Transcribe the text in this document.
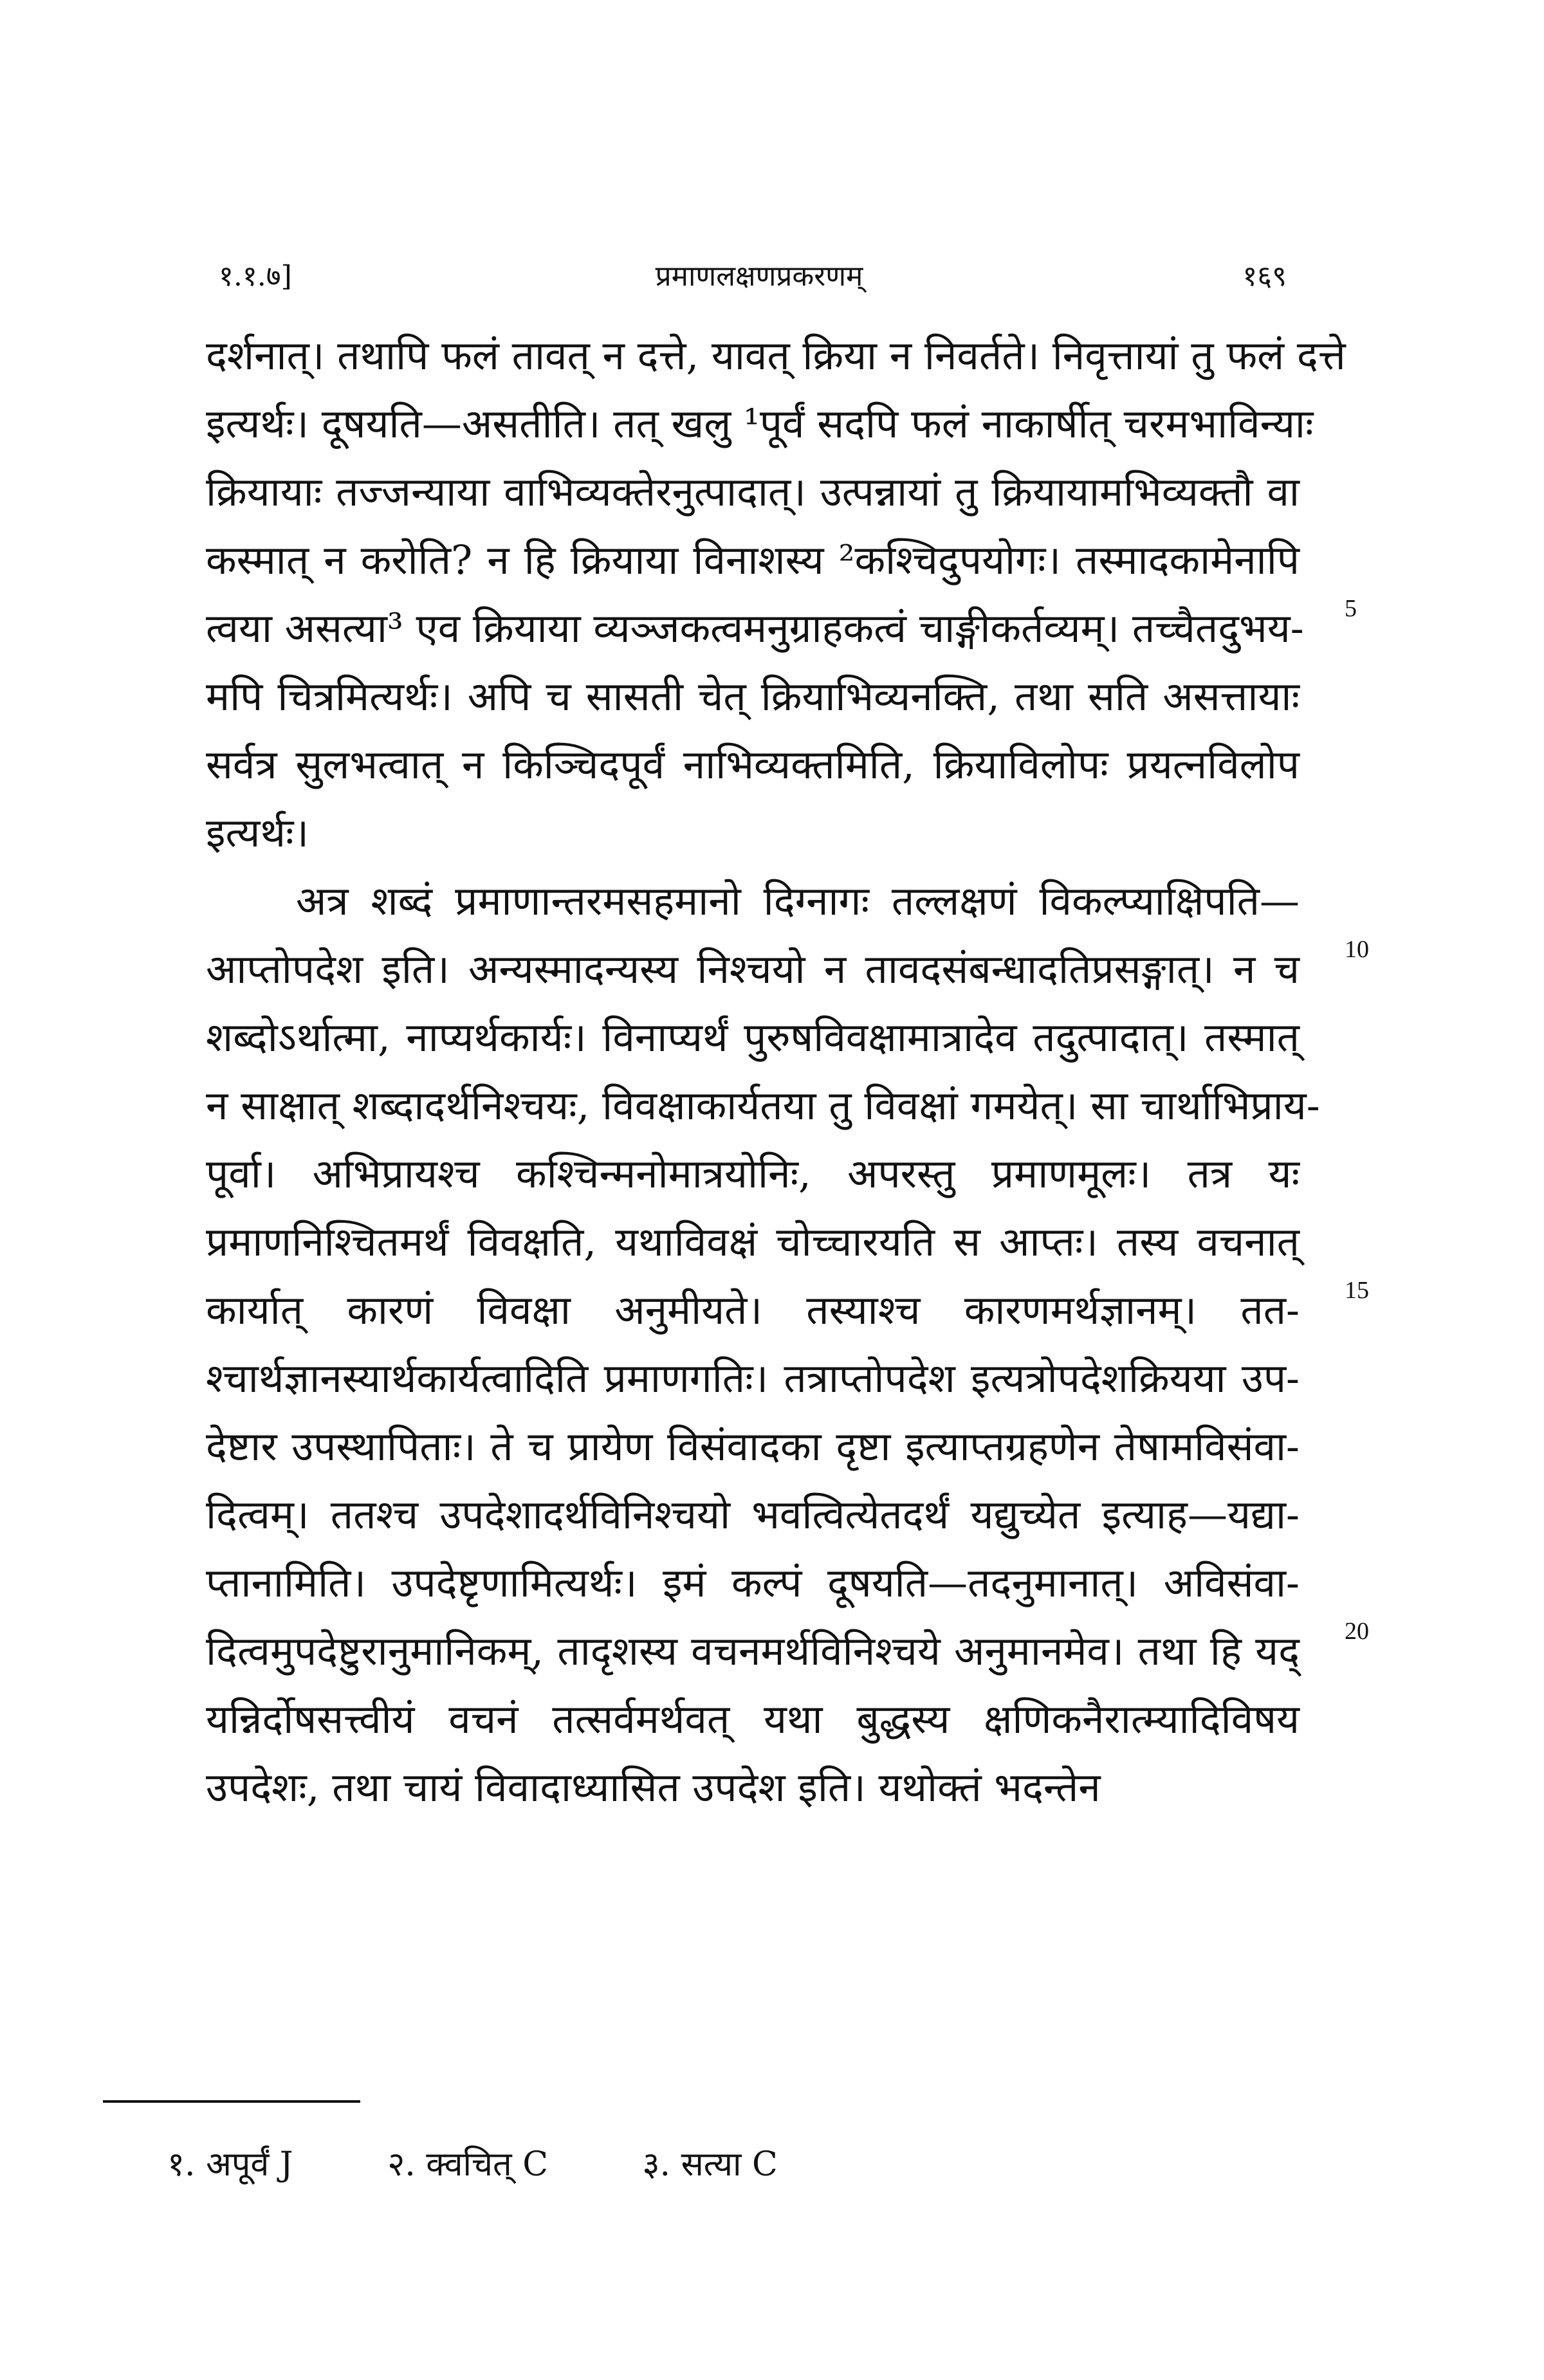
१.१.७]	प्रमाणलक्षणप्रकरणम्	१६९
दर्शनात्। तथापि फलं तावत् न दत्ते, यावत् क्रिया न निवर्तते। निवृत्तायां तु फलं दत्ते
इत्यर्थः। दूषयति—असतीति। तत् खलु ¹पूर्वं सदपि फलं नाकार्षीत् चरमभाविन्याः
क्रियायाः तज्जन्याया वाभिव्यक्तेरनुत्पादात्। उत्पन्नायां तु क्रियायामभिव्यक्तौ वा
कस्मात् न करोति? न हि क्रियाया विनाशस्य ²कश्चिदुपयोगः। तस्मादकामेनापि
त्वया असत्या³ एव क्रियाया व्यञ्जकत्वमनुग्राहकत्वं चाङ्गीकर्तव्यम्। तच्चैतदुभय-
मपि चित्रमित्यर्थः। अपि च सासती चेत् क्रियाभिव्यनक्ति, तथा सति असत्तायाः
सर्वत्र सुलभत्वात् न किञ्चिदपूर्वं नाभिव्यक्तमिति, क्रियाविलोपः प्रयत्नविलोप
इत्यर्थः।
अत्र शब्दं प्रमाणान्तरमसहमानो दिग्नागः तल्लक्षणं विकल्प्याक्षिपति—
आप्तोपदेश इति। अन्यस्मादन्यस्य निश्चयो न तावदसंबन्धादतिप्रसङ्गात्। न च
शब्दोऽर्थात्मा, नाप्यर्थकार्यः। विनाप्यर्थं पुरुषविवक्षामात्रादेव तदुत्पादात्। तस्मात्
न साक्षात् शब्दादर्थनिश्चयः, विवक्षाकार्यतया तु विवक्षां गमयेत्। सा चार्थाभिप्राय-
पूर्वा। अभिप्रायश्च कश्चिन्मनोमात्रयोनिः, अपरस्तु प्रमाणमूलः। तत्र यः
प्रमाणनिश्चितमर्थं विवक्षति, यथाविवक्षं चोच्चारयति स आप्तः। तस्य वचनात्
कार्यात् कारणं विवक्षा अनुमीयते। तस्याश्च कारणमर्थज्ञानम्। तत-
श्चार्थज्ञानस्यार्थकार्यत्वादिति प्रमाणगतिः। तत्राप्तोपदेश इत्यत्रोपदेशक्रियया उप-
देष्टार उपस्थापिताः। ते च प्रायेण विसंवादका दृष्टा इत्याप्तग्रहणेन तेषामविसंवा-
दित्वम्। ततश्च उपदेशादर्थविनिश्चयो भवत्वित्येतदर्थं यद्युच्येत इत्याह—यद्या-
प्तानामिति। उपदेष्टृणामित्यर्थः। इमं कल्पं दूषयति—तदनुमानात्। अविसंवा-
दित्वमुपदेष्टुरानुमानिकम्, तादृशस्य वचनमर्थविनिश्चये अनुमानमेव। तथा हि यद्
यन्निर्दोषसत्त्वीयं वचनं तत्सर्वमर्थवत् यथा बुद्धस्य क्षणिकनैरात्म्यादिविषय
उपदेशः, तथा चायं विवादाध्यासित उपदेश इति। यथोक्तं भदन्तेन
5
10
15
20
१. अपूर्वं J	२. क्वचित् C	३. सत्या C
